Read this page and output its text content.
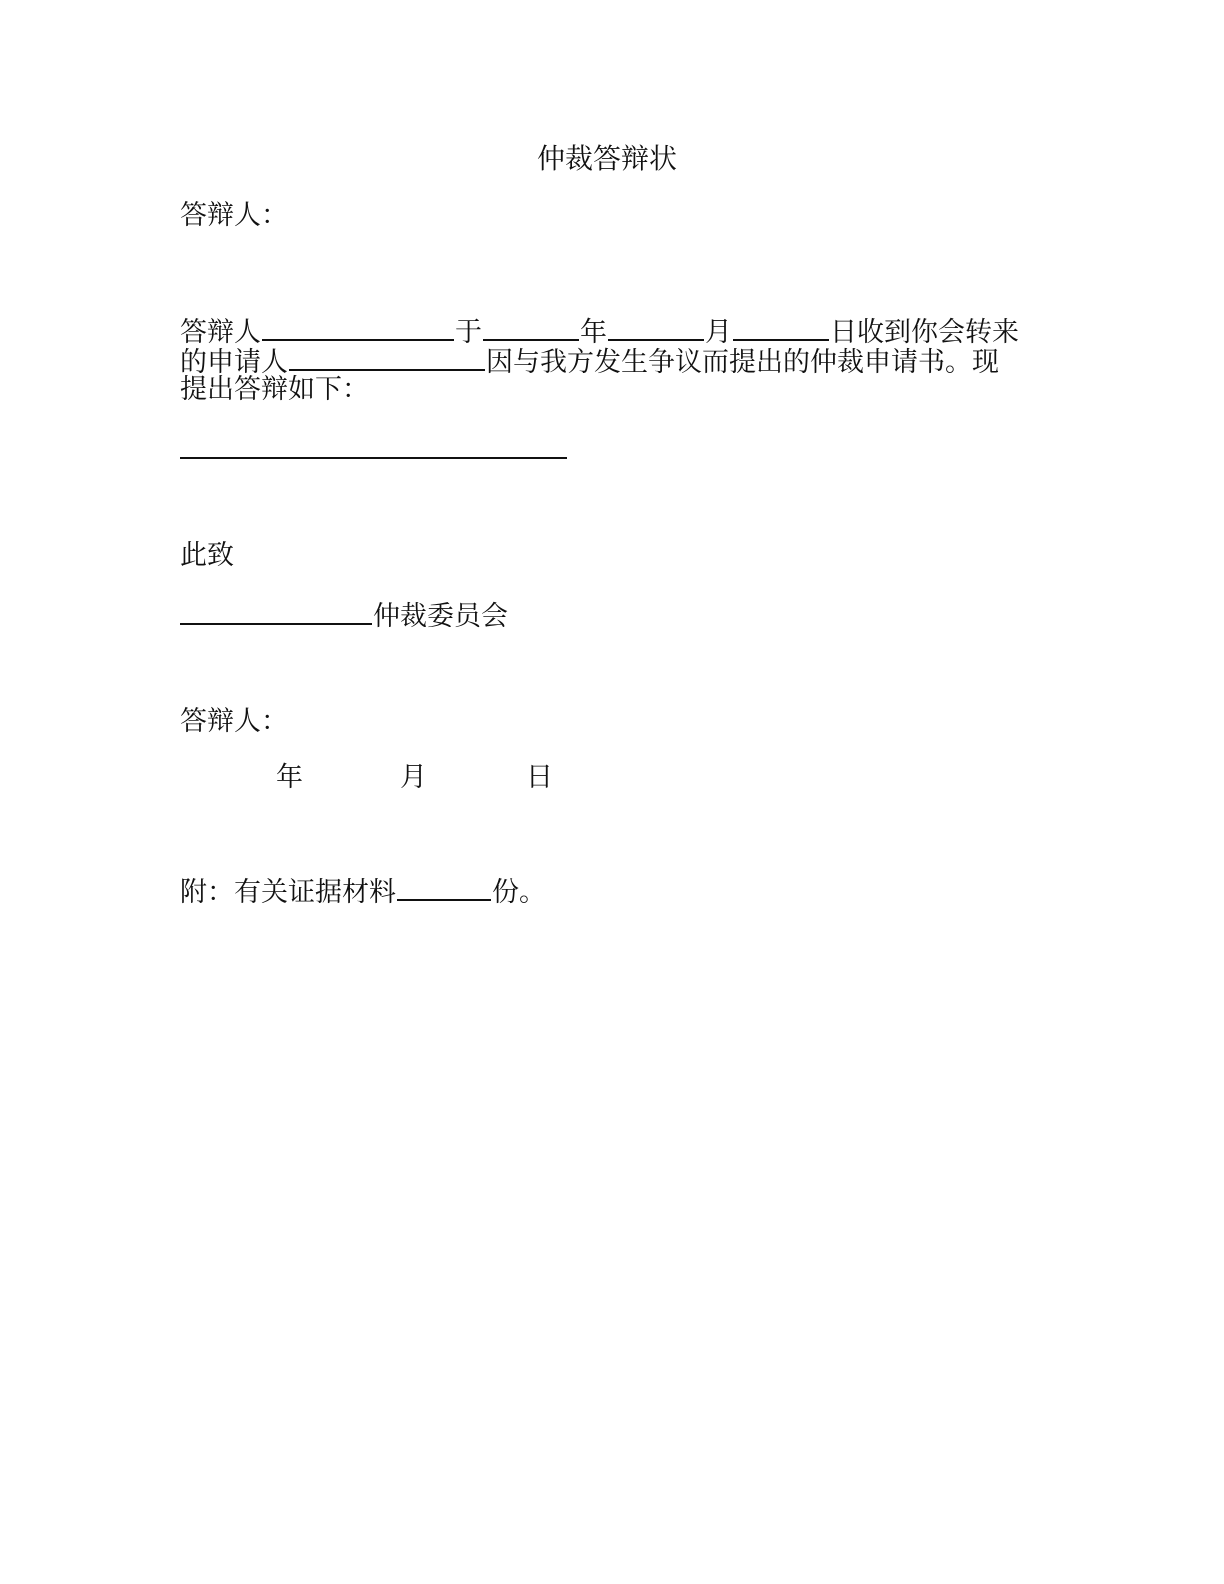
仲裁答辩状
答辩人：
答辩人	于	年	月	日收到你会转来
的申请人	因与我方发生争议而提出的仲裁申请书。现
提出答辩如下：
此致
仲裁委员会
答辩人：
年	月	日
附：有关证据材料	份。
